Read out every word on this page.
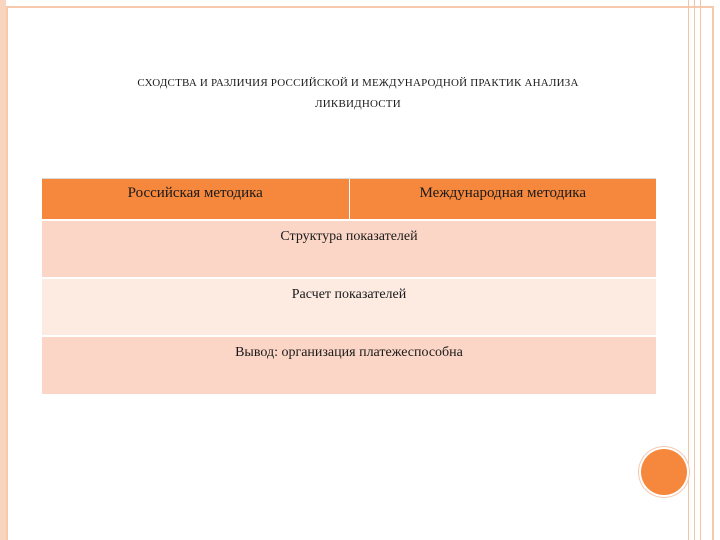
СХОДСТВА И РАЗЛИЧИЯ РОССИЙСКОЙ И МЕЖДУНАРОДНОЙ ПРАКТИК АНАЛИЗА
ЛИКВИДНОСТИ
Российская методика	Международная методика
Структура показателей
Расчет показателей
Вывод: организация платежеспособна
